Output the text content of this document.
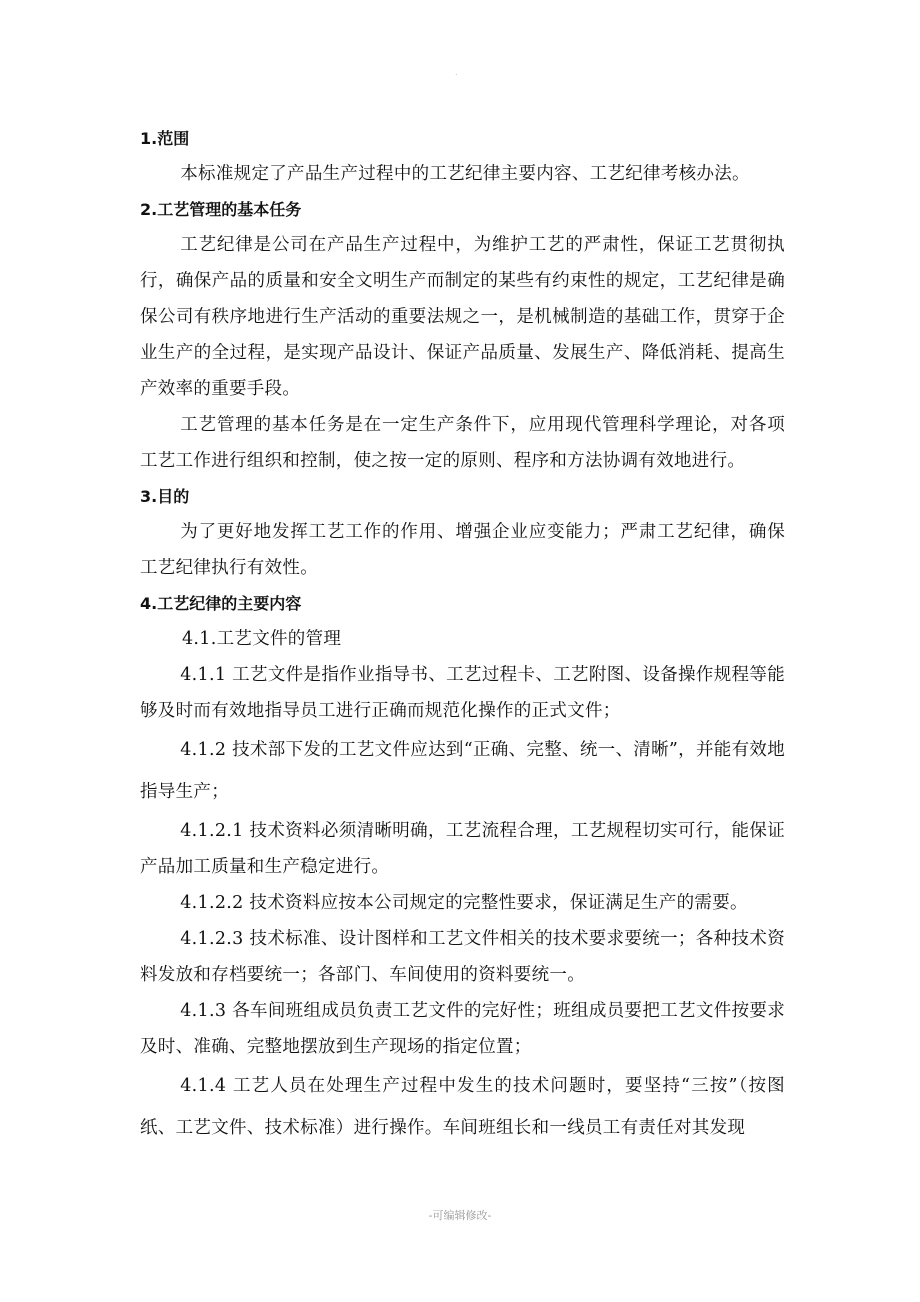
.
1.范围

本标准规定了产品生产过程中的工艺纪律主要内容、工艺纪律考核办法。

2.工艺管理的基本任务

工艺纪律是公司在产品生产过程中，为维护工艺的严肃性，保证工艺贯彻执行，确保产品的质量和安全文明生产而制定的某些有约束性的规定，工艺纪律是确保公司有秩序地进行生产活动的重要法规之一，是机械制造的基础工作，贯穿于企业生产的全过程，是实现产品设计、保证产品质量、发展生产、降低消耗、提高生产效率的重要手段。

工艺管理的基本任务是在一定生产条件下，应用现代管理科学理论，对各项工艺工作进行组织和控制，使之按一定的原则、程序和方法协调有效地进行。

3.目的

为了更好地发挥工艺工作的作用、增强企业应变能力；严肃工艺纪律，确保工艺纪律执行有效性。

4.工艺纪律的主要内容

4.1.工艺文件的管理

4.1.1 工艺文件是指作业指导书、工艺过程卡、工艺附图、设备操作规程等能够及时而有效地指导员工进行正确而规范化操作的正式文件；

4.1.2 技术部下发的工艺文件应达到“正确、完整、统一、清晰”，并能有效地指导生产；

4.1.2.1 技术资料必须清晰明确，工艺流程合理，工艺规程切实可行，能保证产品加工质量和生产稳定进行。

4.1.2.2 技术资料应按本公司规定的完整性要求，保证满足生产的需要。

4.1.2.3 技术标准、设计图样和工艺文件相关的技术要求要统一；各种技术资料发放和存档要统一；各部门、车间使用的资料要统一。

4.1.3 各车间班组成员负责工艺文件的完好性；班组成员要把工艺文件按要求及时、准确、完整地摆放到生产现场的指定位置；

4.1.4 工艺人员在处理生产过程中发生的技术问题时，要坚持“三按”（按图纸、工艺文件、技术标准）进行操作。车间班组长和一线员工有责任对其发现

-可编辑修改-
